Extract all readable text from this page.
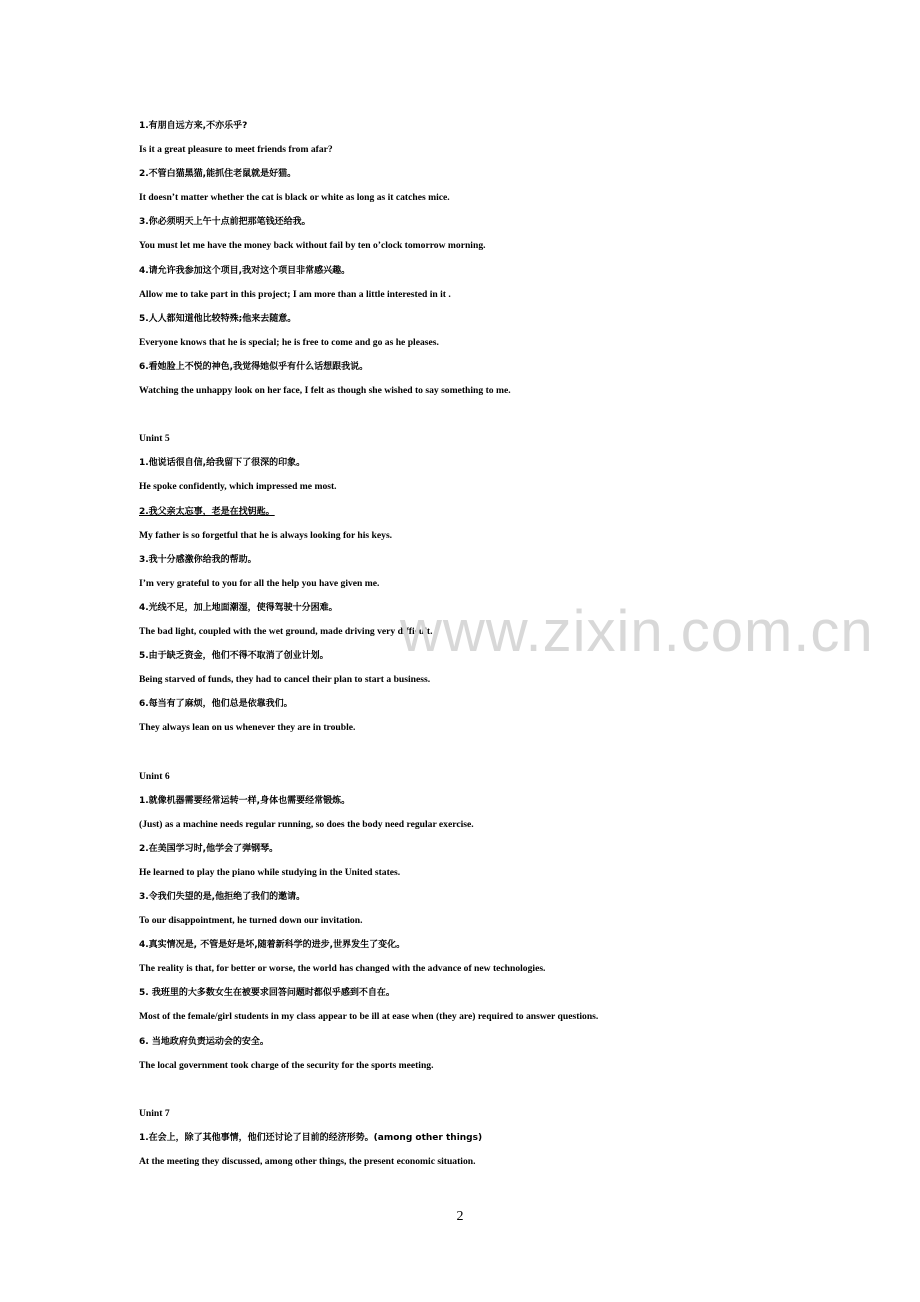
1.有朋自远方来,不亦乐乎?
Is it a great pleasure to meet friends from afar?
2.不管白猫黑猫,能抓住老鼠就是好猫。
It doesn’t matter whether the cat is black or white as long as it catches mice.
3.你必须明天上午十点前把那笔钱还给我。
You must let me have the money back without fail by ten o’clock tomorrow morning.
4.请允许我参加这个项目,我对这个项目非常感兴趣。
Allow me to take part in this project; I am more than a little interested in it .
5.人人都知道他比较特殊;他来去随意。
Everyone knows that he is special; he is free to come and go as he pleases.
6.看她脸上不悦的神色,我觉得她似乎有什么话想跟我说。
Watching the unhappy look on her face, I felt as though she wished to say something to me.
Unint 5
1.他说话很自信,给我留下了很深的印象。
He spoke confidently, which impressed me most.
2.我父亲太忘事，老是在找钥匙。
My father is so forgetful that he is always looking for his keys.
3.我十分感激你给我的帮助。
I’m very grateful to you for all the help you have given me.
4.光线不足，加上地面潮湿，使得驾驶十分困难。
The bad light, coupled with the wet ground, made driving very difficult.
5.由于缺乏资金，他们不得不取消了创业计划。
Being starved of funds, they had to cancel their plan to start a business.
6.每当有了麻烦，他们总是依靠我们。
They always lean on us whenever they are in trouble.
Unint 6
1.就像机器需要经常运转一样,身体也需要经常锻炼。
(Just) as a machine needs regular running, so does the body need regular exercise.
2.在美国学习时,他学会了弹钢琴。
He learned to play the piano while studying in the United states.
3.令我们失望的是,他拒绝了我们的邀请。
To our disappointment, he turned down our invitation.
4.真实情况是, 不管是好是坏,随着新科学的进步,世界发生了变化。
The reality is that, for better or worse, the world has changed with the advance of new technologies.
5. 我班里的大多数女生在被要求回答问题时都似乎感到不自在。
Most of the female/girl students in my class appear to be ill at ease when (they are) required to answer questions.
6. 当地政府负责运动会的安全。
The local government took charge of the security for the sports meeting.
Unint 7
1.在会上，除了其他事情，他们还讨论了目前的经济形势。(among other things)
At the meeting they discussed, among other things, the present economic situation.
www.zixin.com.cn
2
